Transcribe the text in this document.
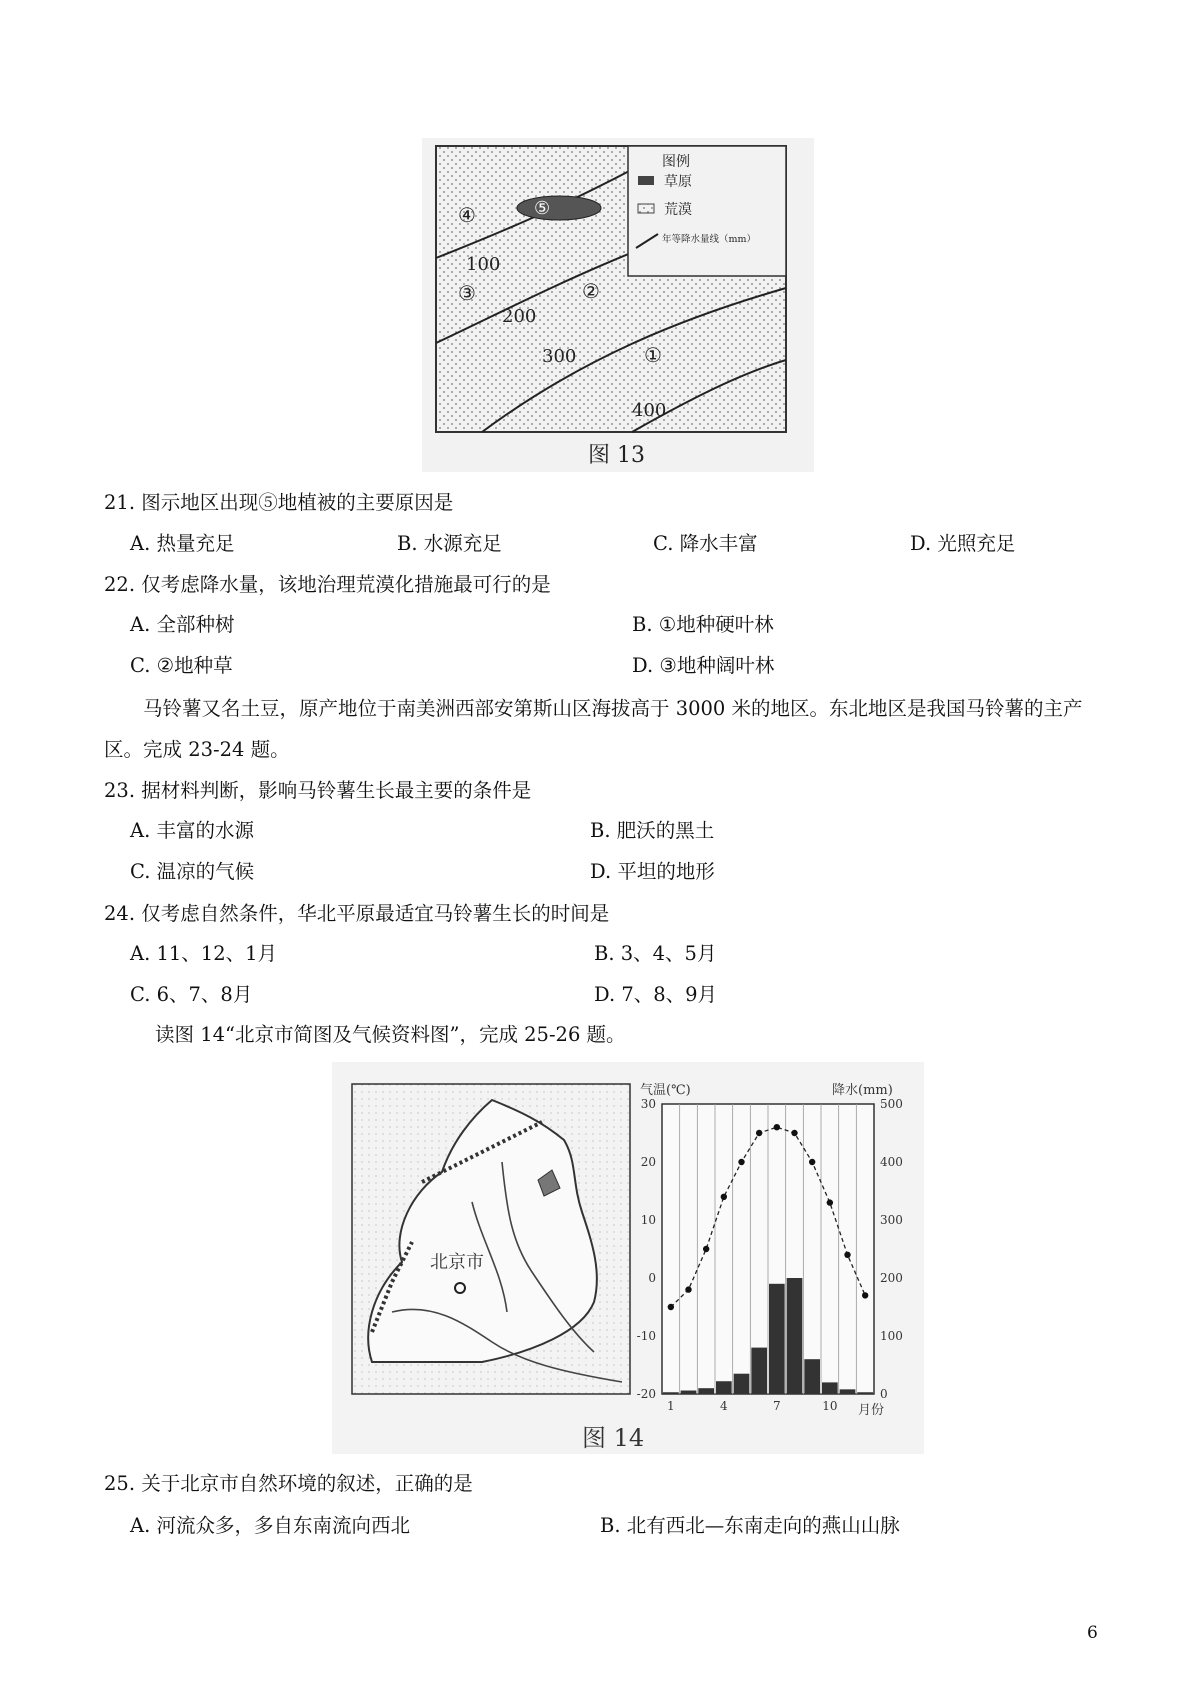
图例
草原
荒漠
年等降水量线（mm）
100
200
300
400
④	⑤
③	②
①
图 13
21. 图示地区出现⑤地植被的主要原因是
A. 热量充足	B. 水源充足	C. 降水丰富	D. 光照充足
22. 仅考虑降水量，该地治理荒漠化措施最可行的是
A. 全部种树	B. ①地种硬叶林
C. ②地种草	D. ③地种阔叶林
马铃薯又名土豆，原产地位于南美洲西部安第斯山区海拔高于 3000 米的地区。东北地区是我国马铃薯的主产区。完成 23-24 题。
23. 据材料判断，影响马铃薯生长最主要的条件是
A. 丰富的水源	B. 肥沃的黑土
C. 温凉的气候	D. 平坦的地形
24. 仅考虑自然条件，华北平原最适宜马铃薯生长的时间是
A. 11、12、1月	B. 3、4、5月
C. 6、7、8月	D. 7、8、9月
读图 14“北京市简图及气候资料图”，完成 25-26 题。
北京市
30
20
10
0
-10
-20
500
400
300
200
100
0
1	4	7	10
气温(℃)	降水(mm)
月份
图 14
25. 关于北京市自然环境的叙述，正确的是
A. 河流众多，多自东南流向西北	B. 北有西北—东南走向的燕山山脉
6
